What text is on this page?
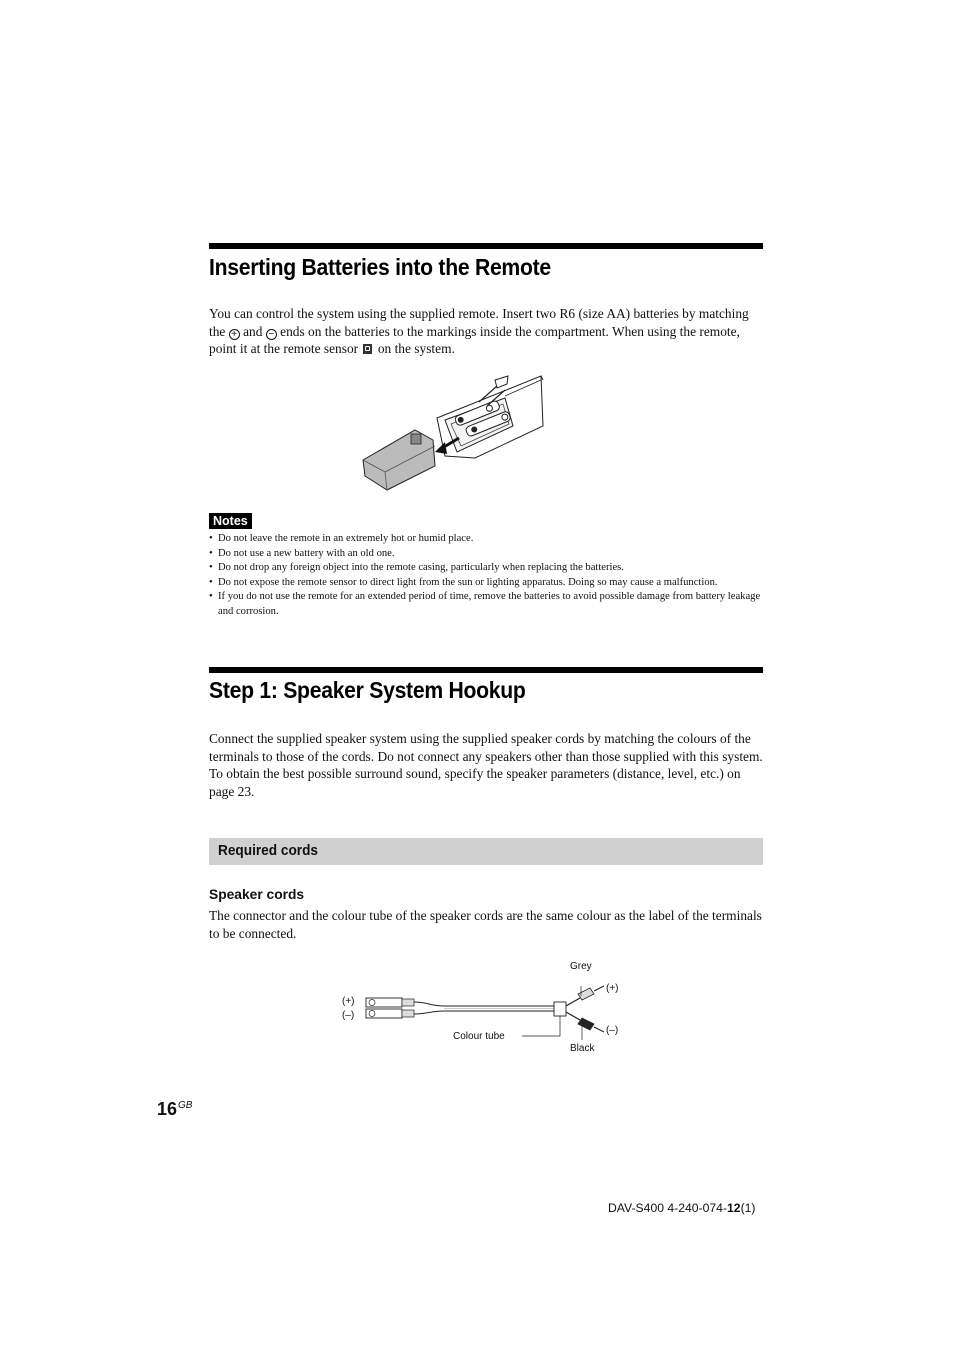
Inserting Batteries into the Remote

You can control the system using the supplied remote. Insert two R6 (size AA) batteries by matching the + and − ends on the batteries to the markings inside the compartment. When using the remote, point it at the remote sensor on the system.

Notes
• Do not leave the remote in an extremely hot or humid place.
• Do not use a new battery with an old one.
• Do not drop any foreign object into the remote casing, particularly when replacing the batteries.
• Do not expose the remote sensor to direct light from the sun or lighting apparatus. Doing so may cause a malfunction.
• If you do not use the remote for an extended period of time, remove the batteries to avoid possible damage from battery leakage and corrosion.
Step 1: Speaker System Hookup

Connect the supplied speaker system using the supplied speaker cords by matching the colours of the terminals to those of the cords. Do not connect any speakers other than those supplied with this system.

To obtain the best possible surround sound, specify the speaker parameters (distance, level, etc.) on page 23.

Required cords
Speaker cords
The connector and the colour tube of the speaker cords are the same colour as the label of the terminals to be connected.
(+)
(–)
Grey
(+)
(–)
Colour tube
Black
$16^{GB}$
DAV-S400 4-240-074-12(1)
